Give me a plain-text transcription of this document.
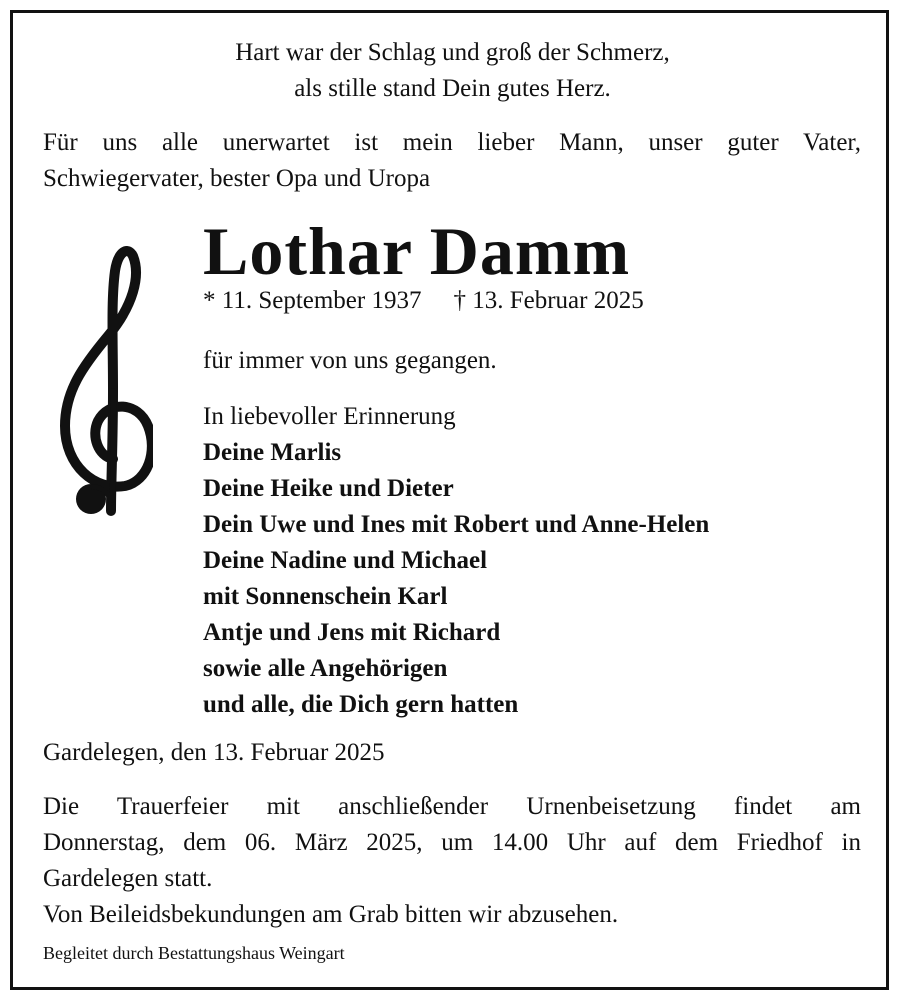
Hart war der Schlag und groß der Schmerz,
als stille stand Dein gutes Herz.
Für uns alle unerwartet ist mein lieber Mann, unser guter Vater,
Schwiegervater, bester Opa und Uropa
Lothar Damm
* 11. September 1937 † 13. Februar 2025
für immer von uns gegangen.
In liebevoller Erinnerung
Deine Marlis
Deine Heike und Dieter
Dein Uwe und Ines mit Robert und Anne-Helen
Deine Nadine und Michael
mit Sonnenschein Karl
Antje und Jens mit Richard
sowie alle Angehörigen
und alle, die Dich gern hatten
Gardelegen, den 13. Februar 2025
Die Trauerfeier mit anschließender Urnenbeisetzung findet am
Donnerstag, dem 06. März 2025, um 14.00 Uhr auf dem Friedhof in
Gardelegen statt.
Von Beileidsbekundungen am Grab bitten wir abzusehen.
Begleitet durch Bestattungshaus Weingart
